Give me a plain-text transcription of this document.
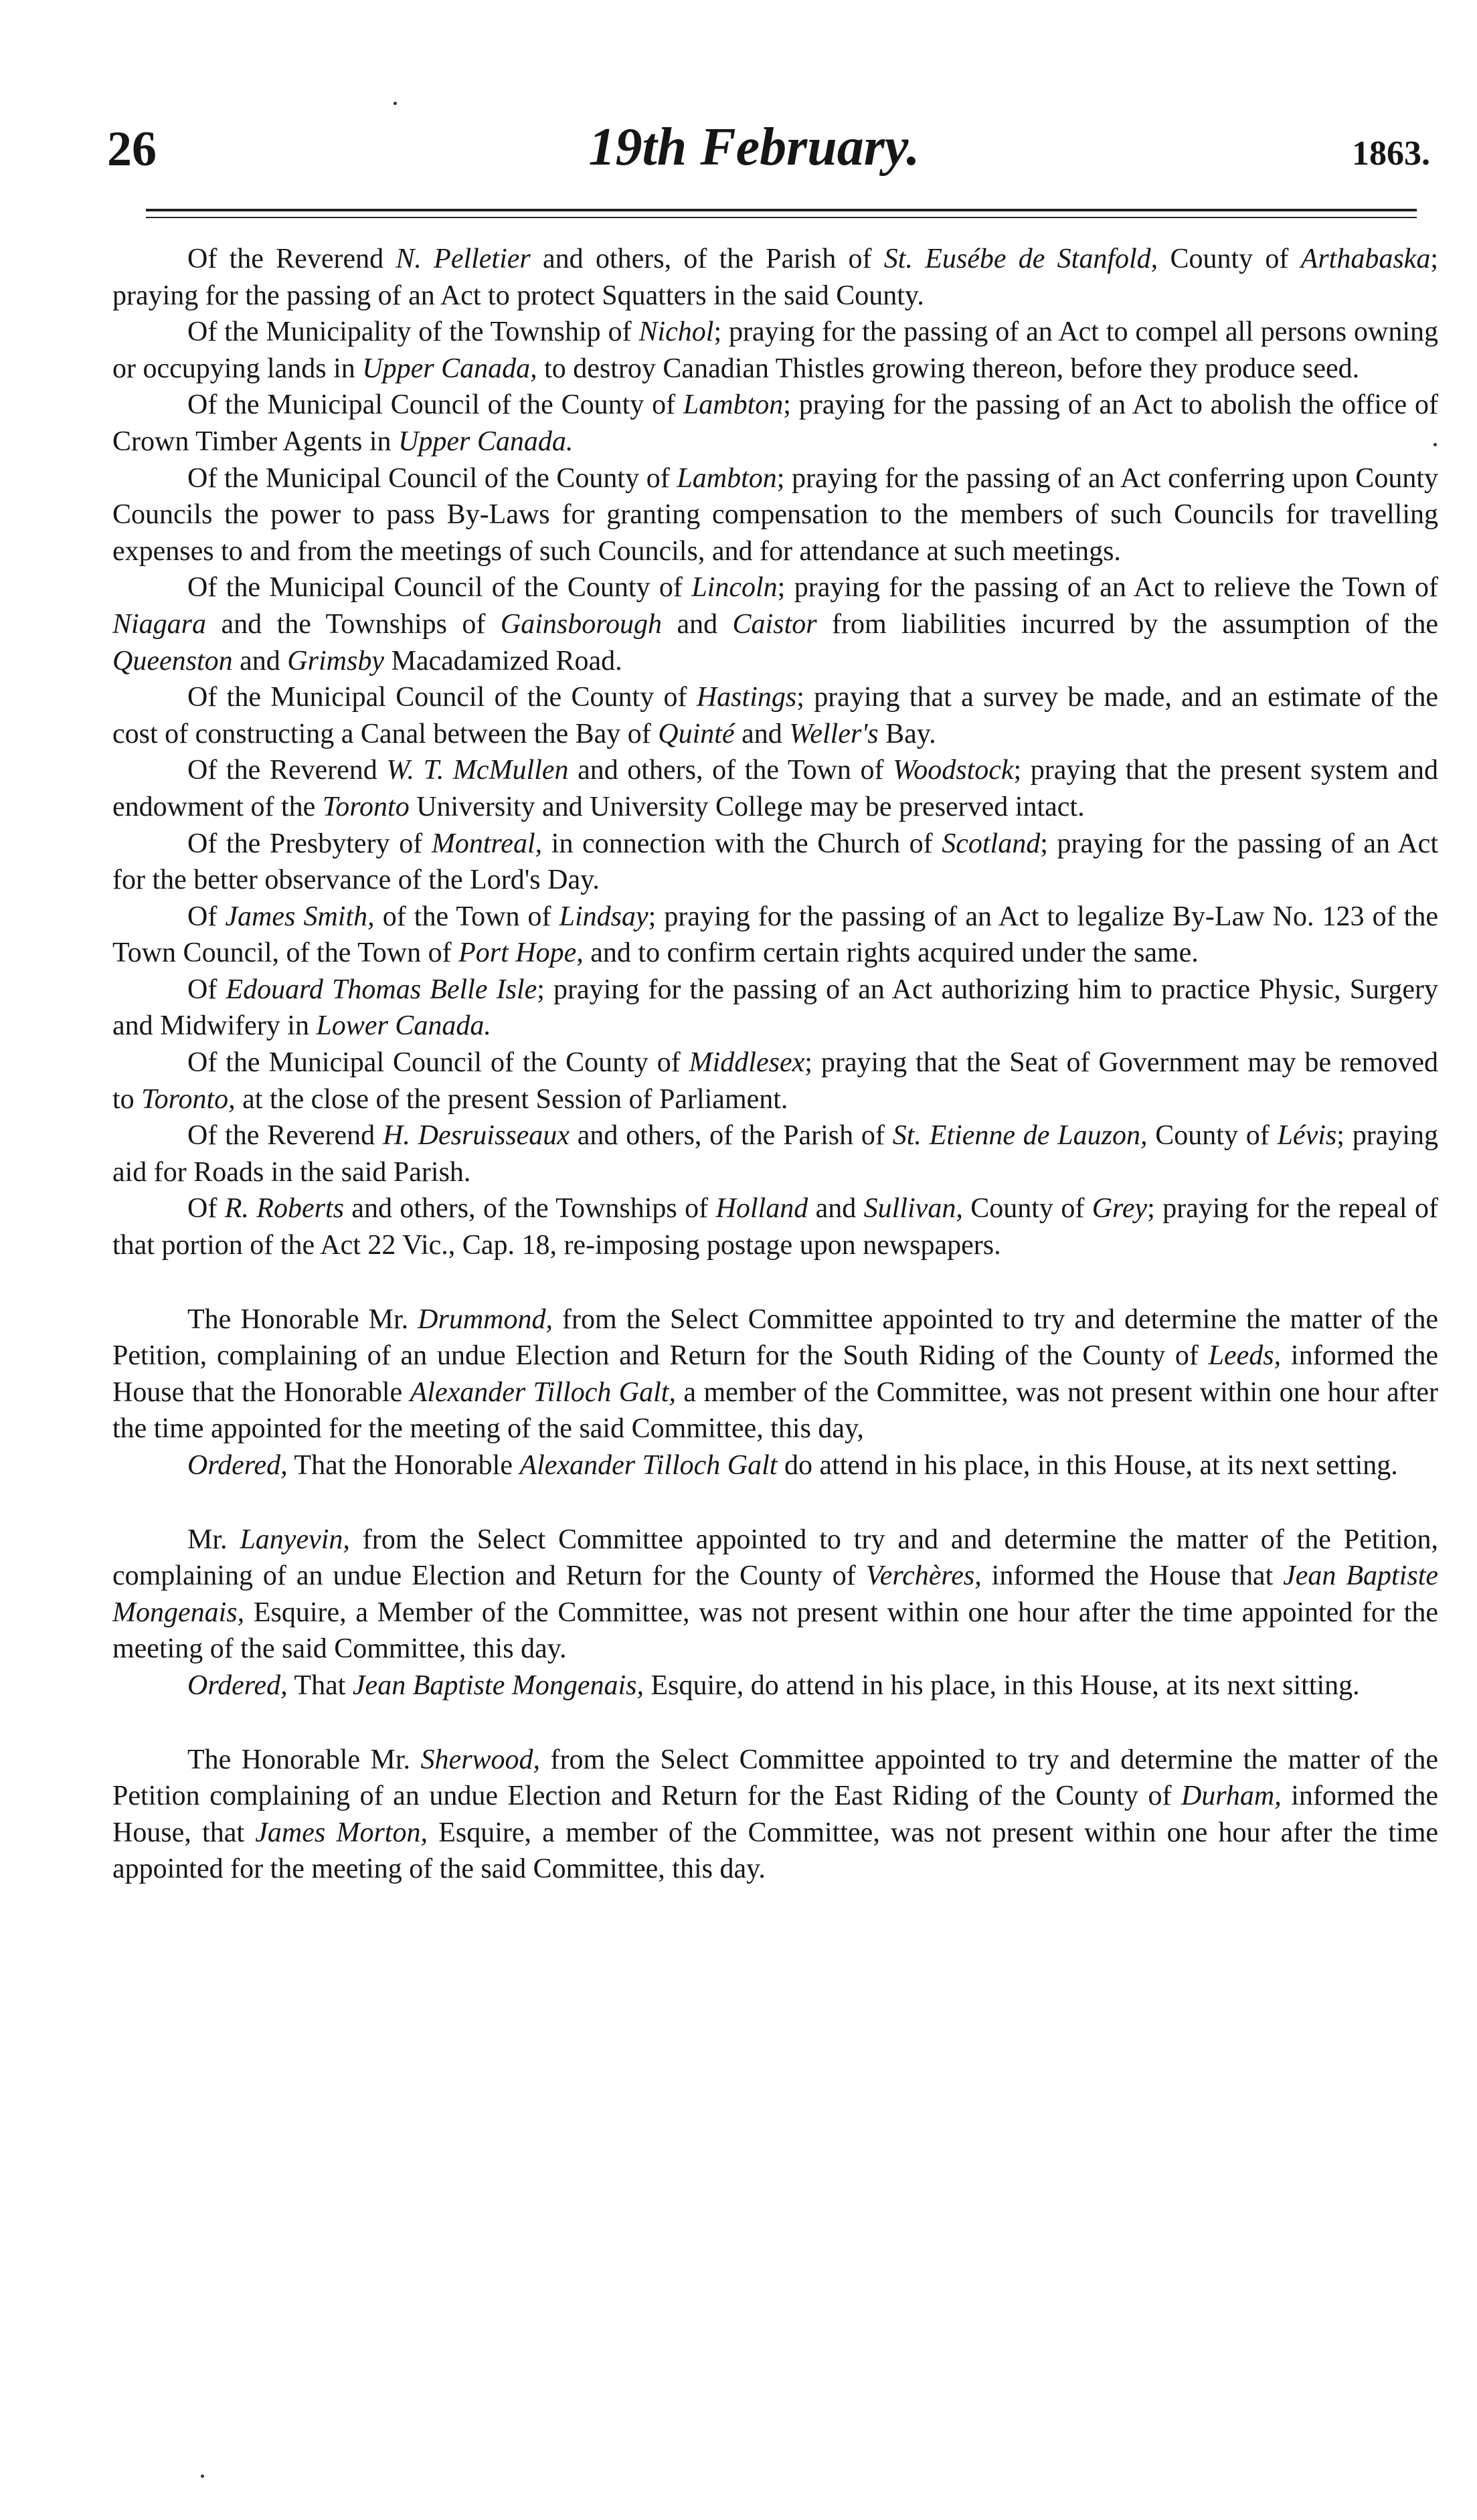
26	19th February.	1863.

Of the Reverend N. Pelletier and others, of the Parish of St. Eusébe de Stanfold, County of Arthabaska; praying for the passing of an Act to protect Squatters in the said County.

Of the Municipality of the Township of Nichol; praying for the passing of an Act to compel all persons owning or occupying lands in Upper Canada, to destroy Canadian Thistles growing thereon, before they produce seed.

Of the Municipal Council of the County of Lambton; praying for the passing of an Act to abolish the office of Crown Timber Agents in Upper Canada.

Of the Municipal Council of the County of Lambton; praying for the passing of an Act conferring upon County Councils the power to pass By-Laws for granting compensation to the members of such Councils for travelling expenses to and from the meetings of such Councils, and for attendance at such meetings.

Of the Municipal Council of the County of Lincoln; praying for the passing of an Act to relieve the Town of Niagara and the Townships of Gainsborough and Caistor from liabilities incurred by the assumption of the Queenston and Grimsby Macadamized Road.

Of the Municipal Council of the County of Hastings; praying that a survey be made, and an estimate of the cost of constructing a Canal between the Bay of Quinté and Weller's Bay.

Of the Reverend W. T. McMullen and others, of the Town of Woodstock; praying that the present system and endowment of the Toronto University and University College may be preserved intact.

Of the Presbytery of Montreal, in connection with the Church of Scotland; praying for the passing of an Act for the better observance of the Lord's Day.

Of James Smith, of the Town of Lindsay; praying for the passing of an Act to legalize By-Law No. 123 of the Town Council, of the Town of Port Hope, and to confirm certain rights acquired under the same.

Of Edouard Thomas Belle Isle; praying for the passing of an Act authorizing him to practice Physic, Surgery and Midwifery in Lower Canada.

Of the Municipal Council of the County of Middlesex; praying that the Seat of Government may be removed to Toronto, at the close of the present Session of Parliament.

Of the Reverend H. Desruisseaux and others, of the Parish of St. Etienne de Lauzon, County of Lévis; praying aid for Roads in the said Parish.

Of R. Roberts and others, of the Townships of Holland and Sullivan, County of Grey; praying for the repeal of that portion of the Act 22 Vic., Cap. 18, re-imposing postage upon newspapers.

The Honorable Mr. Drummond, from the Select Committee appointed to try and determine the matter of the Petition, complaining of an undue Election and Return for the South Riding of the County of Leeds, informed the House that the Honorable Alexander Tilloch Galt, a member of the Committee, was not present within one hour after the time appointed for the meeting of the said Committee, this day,

Ordered, That the Honorable Alexander Tilloch Galt do attend in his place, in this House, at its next setting.

Mr. Lanyevin, from the Select Committee appointed to try and and determine the matter of the Petition, complaining of an undue Election and Return for the County of Verchères, informed the House that Jean Baptiste Mongenais, Esquire, a Member of the Committee, was not present within one hour after the time appointed for the meeting of the said Committee, this day.

Ordered, That Jean Baptiste Mongenais, Esquire, do attend in his place, in this House, at its next sitting.

The Honorable Mr. Sherwood, from the Select Committee appointed to try and determine the matter of the Petition complaining of an undue Election and Return for the East Riding of the County of Durham, informed the House, that James Morton, Esquire, a member of the Committee, was not present within one hour after the time appointed for the meeting of the said Committee, this day.
